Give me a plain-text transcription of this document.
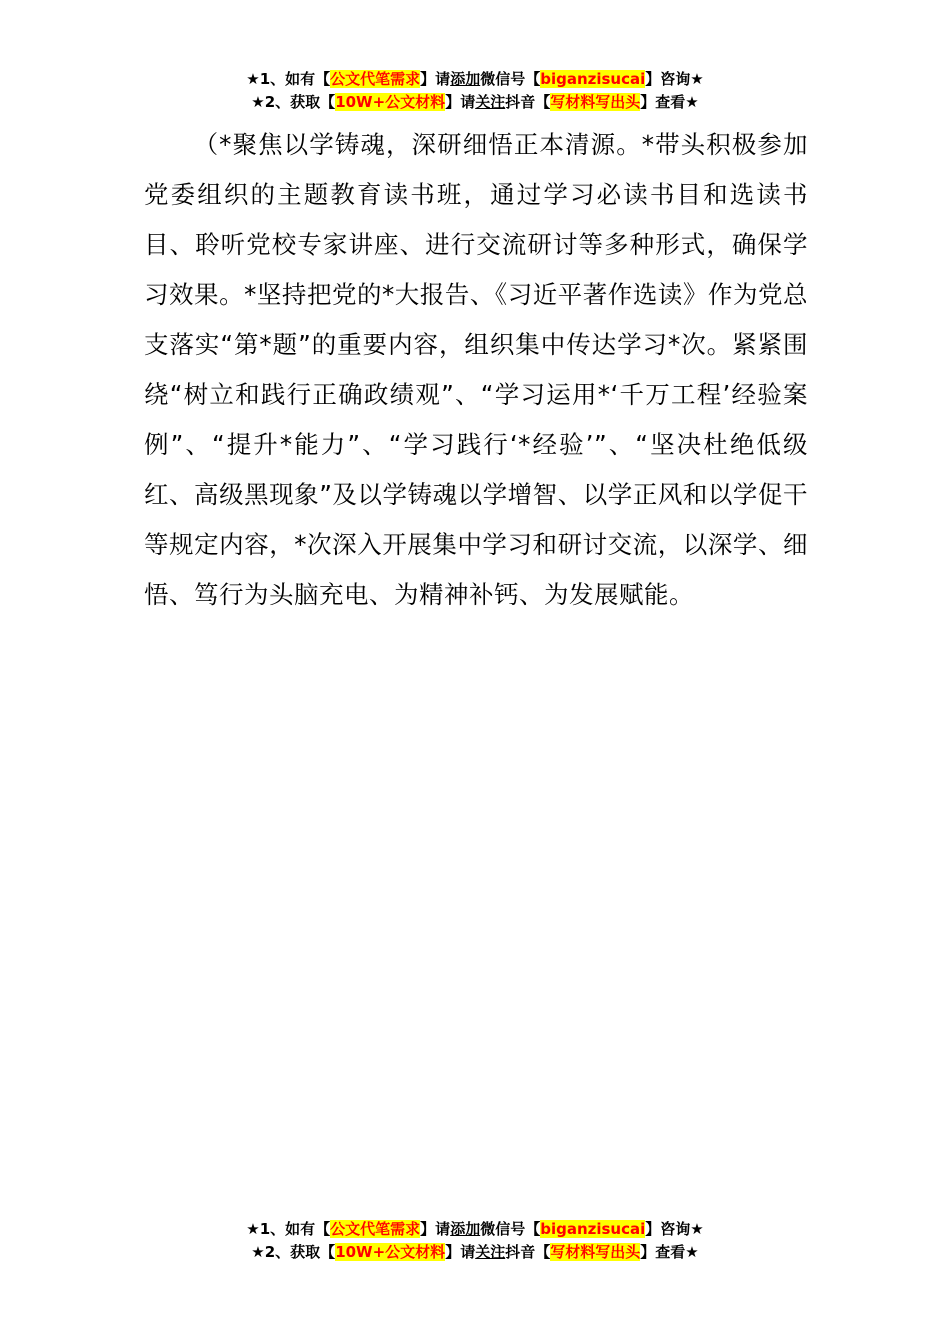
★1、如有【公文代笔需求】请添加微信号【biganzisucai】咨询★
★2、获取【10W+公文材料】请关注抖音【写材料写出头】查看★

（*聚焦以学铸魂，深研细悟正本清源。*带头积极参加党委组织的主题教育读书班，通过学习必读书目和选读书目、聆听党校专家讲座、进行交流研讨等多种形式，确保学习效果。*坚持把党的*大报告、《习近平著作选读》作为党总支落实“第*题”的重要内容，组织集中传达学习*次。紧紧围绕“树立和践行正确政绩观”、“学习运用*‘千万工程’经验案例”、“提升*能力”、“学习践行‘*经验’”、“坚决杜绝低级红、高级黑现象”及以学铸魂以学增智、以学正风和以学促干等规定内容，*次深入开展集中学习和研讨交流，以深学、细悟、笃行为头脑充电、为精神补钙、为发展赋能。

★1、如有【公文代笔需求】请添加微信号【biganzisucai】咨询★
★2、获取【10W+公文材料】请关注抖音【写材料写出头】查看★
